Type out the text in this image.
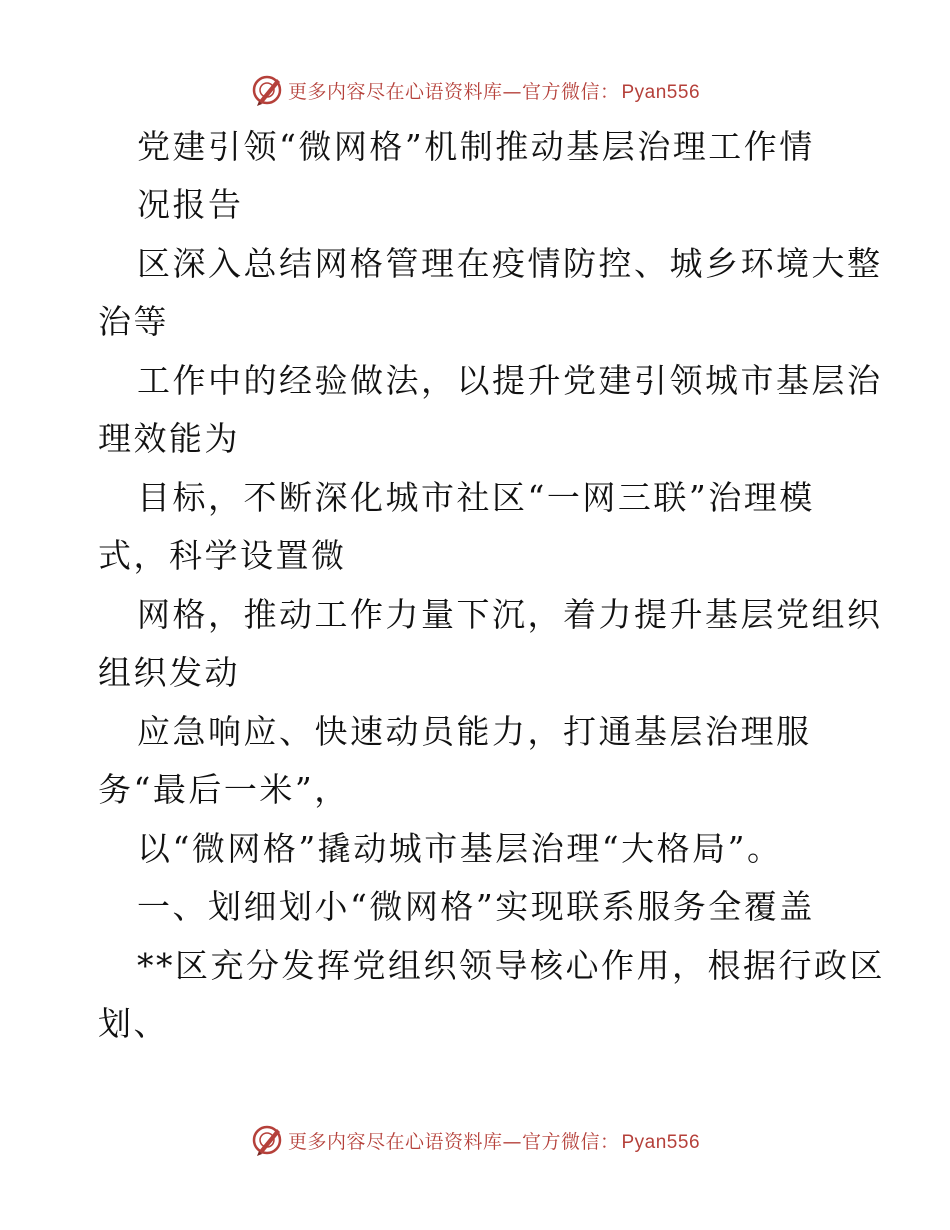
更多内容尽在心语资料库—官方微信： Pyan556
党建引领“微网格”机制推动基层治理工作情
况报告
区深入总结网格管理在疫情防控、城乡环境大整
治等
工作中的经验做法，以提升党建引领城市基层治
理效能为
目标，不断深化城市社区“一网三联”治理模
式，科学设置微
网格，推动工作力量下沉，着力提升基层党组织
组织发动
应急响应、快速动员能力，打通基层治理服
务“最后一米”，
以“微网格”撬动城市基层治理“大格局”。
一、划细划小“微网格”实现联系服务全覆盖
**区充分发挥党组织领导核心作用，根据行政区
划、
更多内容尽在心语资料库—官方微信： Pyan556
